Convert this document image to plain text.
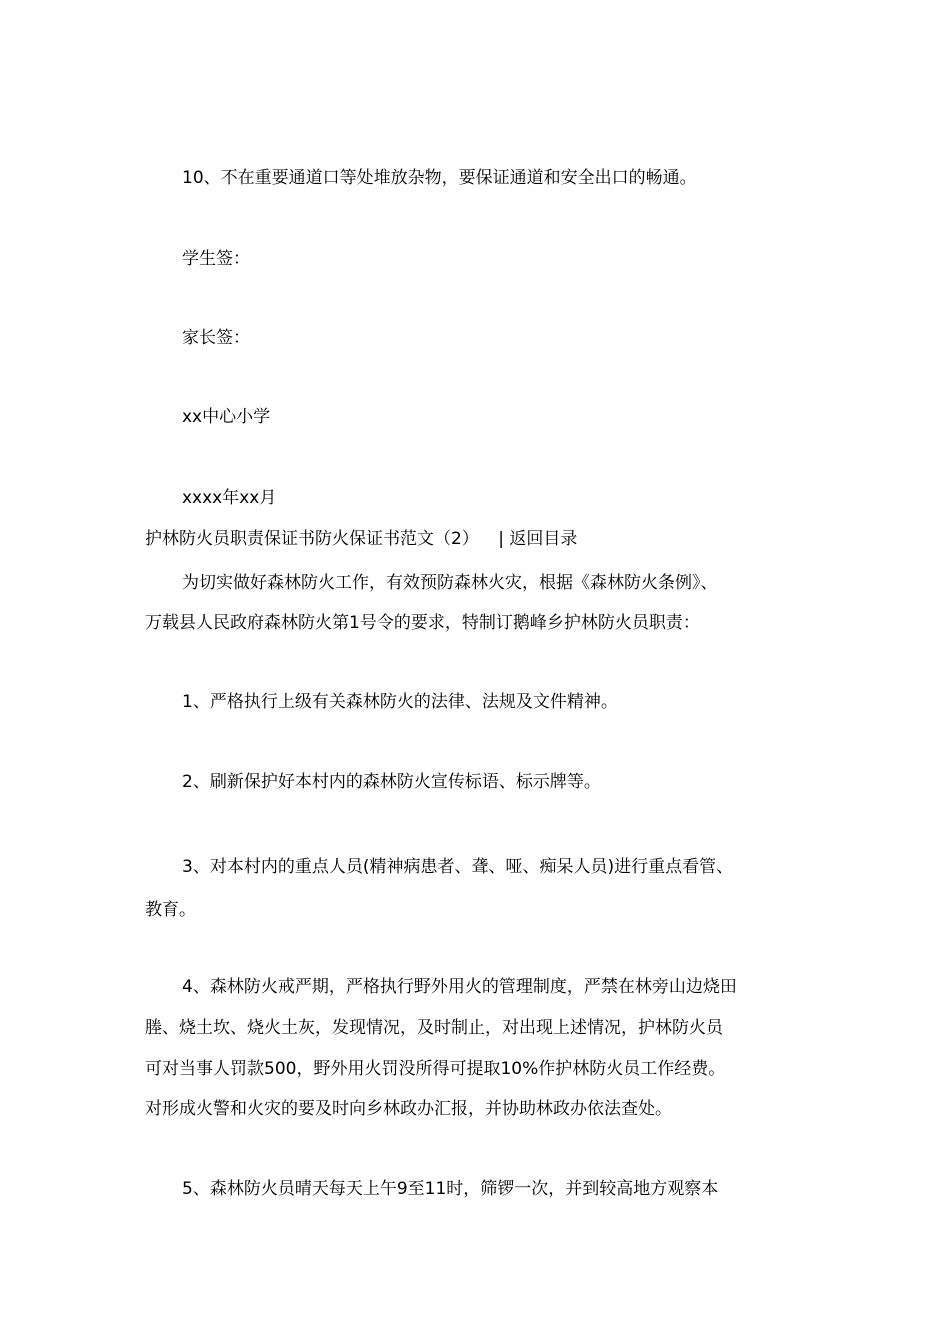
10、不在重要通道口等处堆放杂物，要保证通道和安全出口的畅通。
学生签：
家长签：
xx中心小学
xxxx年xx月
护林防火员职责保证书防火保证书范文（2） | 返回目录
为切实做好森林防火工作，有效预防森林火灾，根据《森林防火条例》、
万载县人民政府森林防火第1号令的要求，特制订鹅峰乡护林防火员职责：
1、严格执行上级有关森林防火的法律、法规及文件精神。
2、刷新保护好本村内的森林防火宣传标语、标示牌等。
3、对本村内的重点人员(精神病患者、聋、哑、痴呆人员)进行重点看管、
教育。
4、森林防火戒严期，严格执行野外用火的管理制度，严禁在林旁山边烧田
塍、烧土坎、烧火土灰，发现情况，及时制止，对出现上述情况，护林防火员
可对当事人罚款500，野外用火罚没所得可提取10%作护林防火员工作经费。
对形成火警和火灾的要及时向乡林政办汇报，并协助林政办依法查处。
5、森林防火员晴天每天上午9至11时，筛锣一次，并到较高地方观察本
